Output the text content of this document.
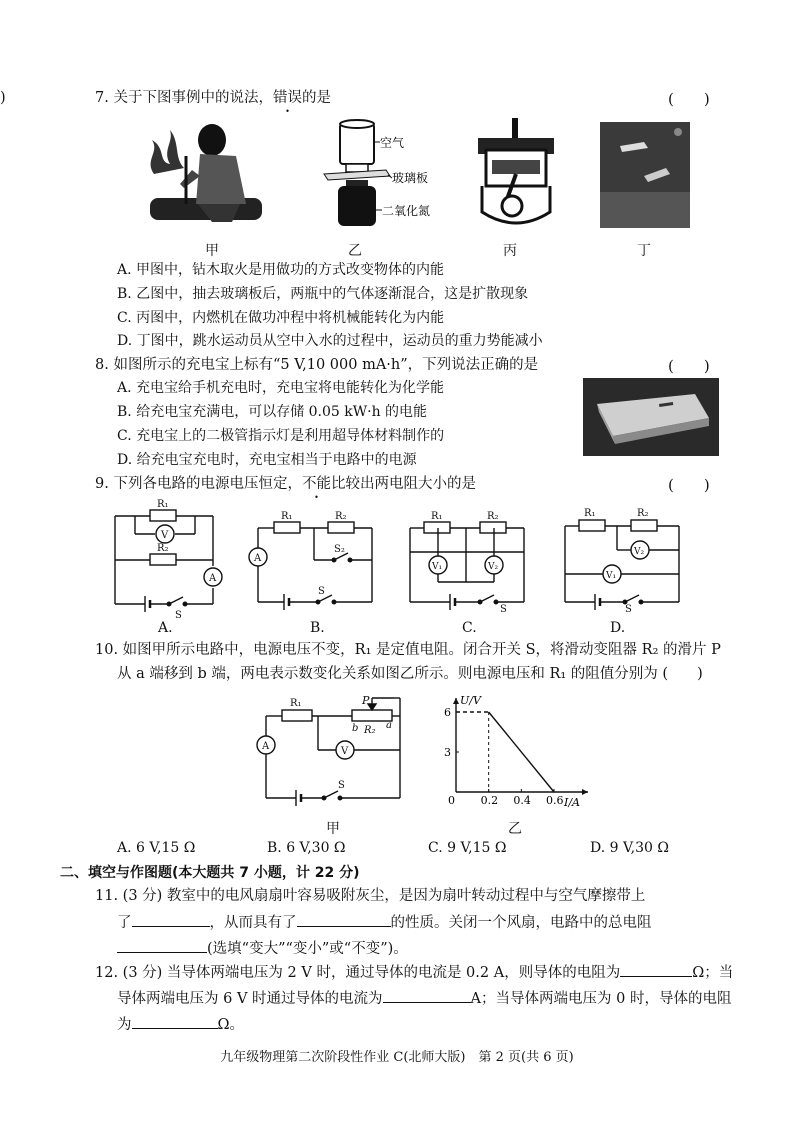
)	7. 关于下图事例中的说法，错误的是	(　　)
甲
空气
玻璃板
二氧化氮
乙	丙	丁
A. 甲图中，钻木取火是用做功的方式改变物体的内能
B. 乙图中，抽去玻璃板后，两瓶中的气体逐渐混合，这是扩散现象
C. 丙图中，内燃机在做功冲程中将机械能转化为内能
D. 丁图中，跳水运动员从空中入水的过程中，运动员的重力势能减小
8. 如图所示的充电宝上标有“5 V,10 000 mA·h”，下列说法正确的是	(　　)
A. 充电宝给手机充电时，充电宝将电能转化为化学能
B. 给充电宝充满电，可以存储 0.05 kW·h 的电能
C. 充电宝上的二极管指示灯是利用超导体材料制作的
D. 给充电宝充电时，充电宝相当于电路中的电源
9. 下列各电路的电源电压恒定，不能比较出两电阻大小的是	(　　)
R₁
V
R₂
A
S
A.
R₁	R₂
A
S₂
S
B.
R₁	R₂
V₁	V₂
S
C.
R₁	R₂
V₂
V₁
S
D.
10. 如图甲所示电路中，电源电压不变，R₁ 是定值电阻。闭合开关 S，将滑动变阻器 R₂ 的滑片 P
从 a 端移到 b 端，两电表示数变化关系如图乙所示。则电源电压和 R₁ 的阻值分别为 (　　)
R₁
R₂
P
b	a
A	V
S
甲
0.2 0.4 0.6
3
6
U/V
I/A
0
乙
A. 6 V,15 Ω	B. 6 V,30 Ω	C. 9 V,15 Ω	D. 9 V,30 Ω
二、填空与作图题(本大题共 7 小题，计 22 分)
11. (3 分) 教室中的电风扇扇叶容易吸附灰尘，是因为扇叶转动过程中与空气摩擦带上
了	，从而具有了	的性质。关闭一个风扇，电路中的总电阻
(选填“变大”“变小”或“不变”)。
12. (3 分) 当导体两端电压为 2 V 时，通过导体的电流是 0.2 A，则导体的电阻为	Ω；当
导体两端电压为 6 V 时通过导体的电流为	A；当导体两端电压为 0 时，导体的电阻
为	Ω。
九年级物理第二次阶段性作业 C(北师大版)　第 2 页(共 6 页)
